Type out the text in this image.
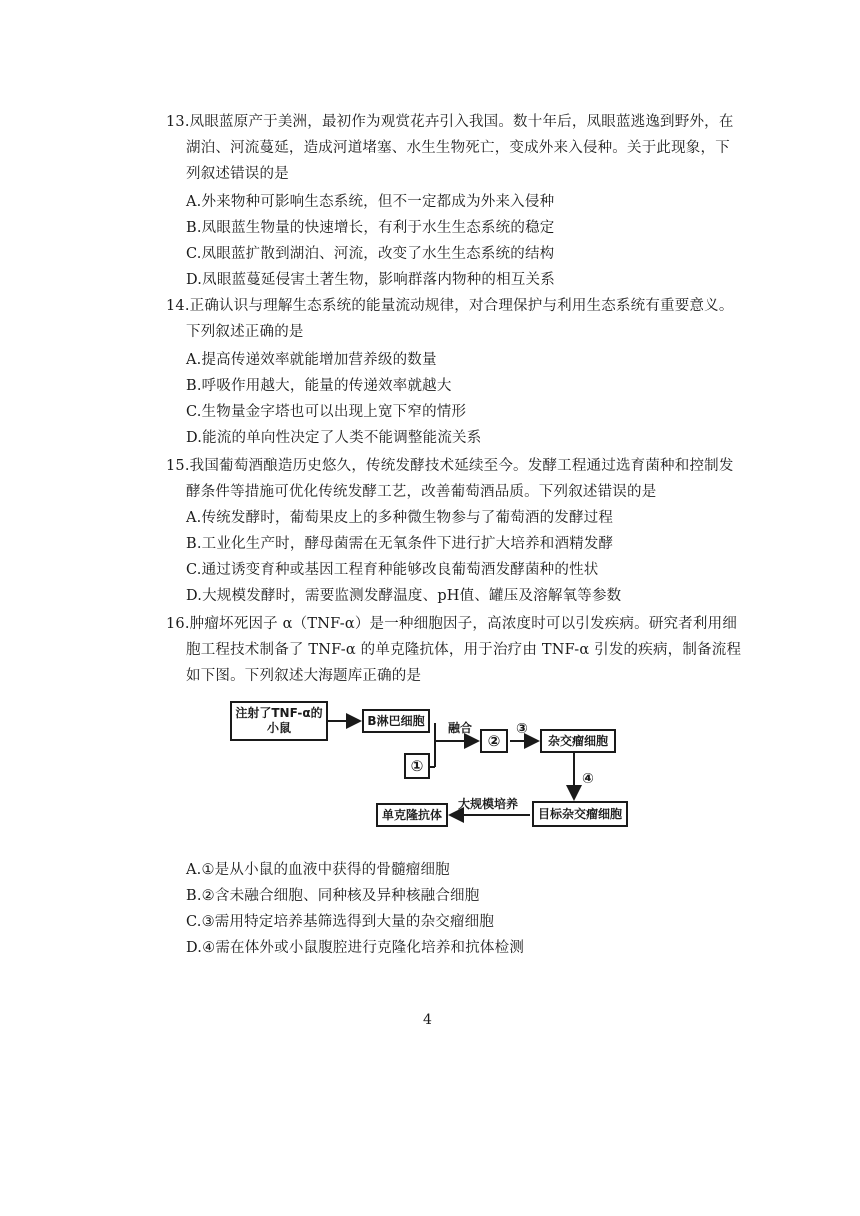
13.凤眼蓝原产于美洲，最初作为观赏花卉引入我国。数十年后，凤眼蓝逃逸到野外，在
湖泊、河流蔓延，造成河道堵塞、水生生物死亡，变成外来入侵种。关于此现象，下
列叙述错误的是
A.外来物种可影响生态系统，但不一定都成为外来入侵种
B.凤眼蓝生物量的快速增长，有利于水生生态系统的稳定
C.凤眼蓝扩散到湖泊、河流，改变了水生生态系统的结构
D.凤眼蓝蔓延侵害土著生物，影响群落内物种的相互关系
14.正确认识与理解生态系统的能量流动规律，对合理保护与利用生态系统有重要意义。
下列叙述正确的是
A.提高传递效率就能增加营养级的数量
B.呼吸作用越大，能量的传递效率就越大
C.生物量金字塔也可以出现上宽下窄的情形
D.能流的单向性决定了人类不能调整能流关系
15.我国葡萄酒酿造历史悠久，传统发酵技术延续至今。发酵工程通过选育菌种和控制发
酵条件等措施可优化传统发酵工艺，改善葡萄酒品质。下列叙述错误的是
A.传统发酵时，葡萄果皮上的多种微生物参与了葡萄酒的发酵过程
B.工业化生产时，酵母菌需在无氧条件下进行扩大培养和酒精发酵
C.通过诱变育种或基因工程育种能够改良葡萄酒发酵菌种的性状
D.大规模发酵时，需要监测发酵温度、pH值、罐压及溶解氧等参数
16.肿瘤坏死因子 α（TNF-α）是一种细胞因子，高浓度时可以引发疾病。研究者利用细
胞工程技术制备了 TNF-α 的单克隆抗体，用于治疗由 TNF-α 引发的疾病，制备流程
如下图。下列叙述大海题库正确的是
注射了TNF-α的小鼠
B淋巴细胞
融合
①
②
③
杂交瘤细胞
④
目标杂交瘤细胞
大规模培养
单克隆抗体
A.①是从小鼠的血液中获得的骨髓瘤细胞
B.②含未融合细胞、同种核及异种核融合细胞
C.③需用特定培养基筛选得到大量的杂交瘤细胞
D.④需在体外或小鼠腹腔进行克隆化培养和抗体检测
4
